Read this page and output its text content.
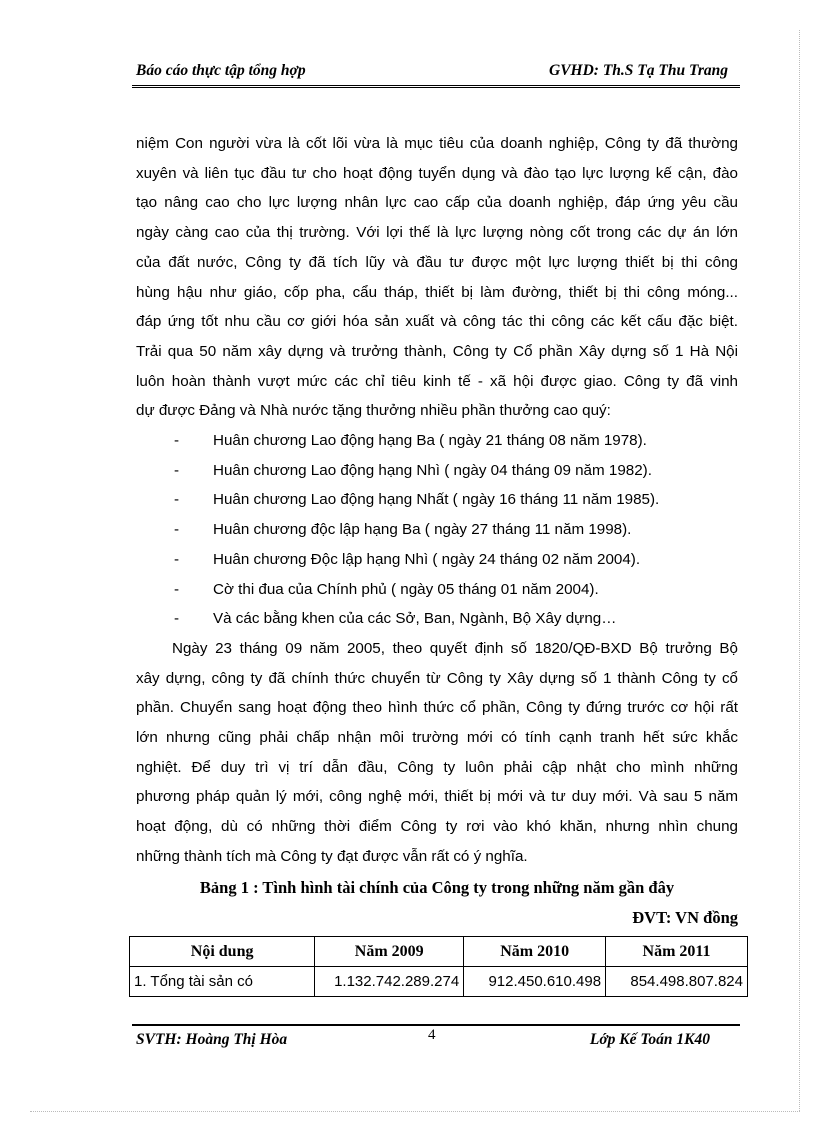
Báo cáo thực tập tổng hợp	GVHD: Th.S Tạ Thu Trang

niệm Con người vừa là cốt lõi vừa là mục tiêu của doanh nghiệp, Công ty đã thường
xuyên và liên tục đầu tư cho hoạt động tuyển dụng và đào tạo lực lượng kế cận, đào
tạo nâng cao cho lực lượng nhân lực cao cấp của doanh nghiệp, đáp ứng yêu cầu
ngày càng cao của thị trường. Với lợi thế là lực lượng nòng cốt trong các dự án lớn
của đất nước, Công ty đã tích lũy và đầu tư được một lực lượng thiết bị thi công
hùng hậu như giáo, cốp pha, cẩu tháp, thiết bị làm đường, thiết bị thi công móng...
đáp ứng tốt nhu cầu cơ giới hóa sản xuất và công tác thi công các kết cấu đặc biệt.
Trải qua 50 năm xây dựng và trưởng thành, Công ty Cổ phần Xây dựng số 1 Hà Nội
luôn hoàn thành vượt mức các chỉ tiêu kinh tế - xã hội được giao. Công ty đã vinh
dự được Đảng và Nhà nước tặng thưởng nhiều phần thưởng cao quý:

- Huân chương Lao động hạng Ba ( ngày 21 tháng 08 năm 1978).
- Huân chương Lao động hạng Nhì ( ngày 04 tháng 09 năm 1982).
- Huân chương Lao động hạng Nhất ( ngày 16 tháng 11 năm 1985).
- Huân chương độc lập hạng Ba ( ngày 27 tháng 11 năm 1998).
- Huân chương Độc lập hạng Nhì ( ngày 24 tháng 02 năm 2004).
- Cờ thi đua của Chính phủ ( ngày 05 tháng 01 năm 2004).
- Và các bằng khen của các Sở, Ban, Ngành, Bộ Xây dựng…

Ngày 23 tháng 09 năm 2005, theo quyết định số 1820/QĐ-BXD Bộ trưởng Bộ
xây dựng, công ty đã chính thức chuyển từ Công ty Xây dựng số 1 thành Công ty cổ
phần. Chuyển sang hoạt động theo hình thức cổ phần, Công ty đứng trước cơ hội rất
lớn nhưng cũng phải chấp nhận môi trường mới có tính cạnh tranh hết sức khắc
nghiệt. Để duy trì vị trí dẫn đầu, Công ty luôn phải cập nhật cho mình những
phương pháp quản lý mới, công nghệ mới, thiết bị mới và tư duy mới. Và sau 5 năm
hoạt động, dù có những thời điểm Công ty rơi vào khó khăn, nhưng nhìn chung
những thành tích mà Công ty đạt được vẫn rất có ý nghĩa.

Bảng 1 : Tình hình tài chính của Công ty trong những năm gần đây
ĐVT: VN đồng
Nội dung	Năm 2009	Năm 2010	Năm 2011
1. Tổng tài sản có	1.132.742.289.274	912.450.610.498	854.498.807.824
SVTH: Hoàng Thị Hòa	4	Lớp Kế Toán 1K40
